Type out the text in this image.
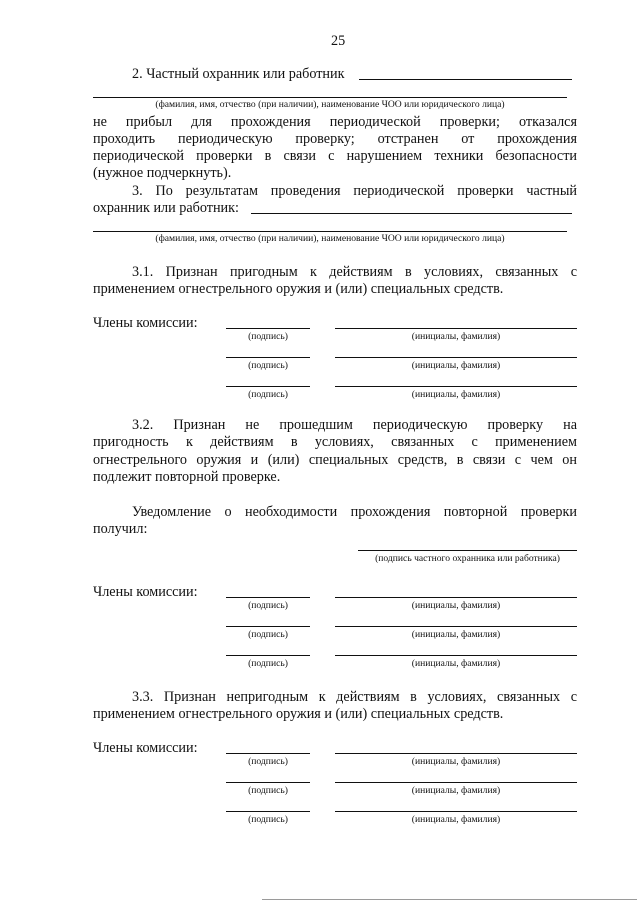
25
2. Частный охранник или работник
(фамилия, имя, отчество (при наличии), наименование ЧОО или юридического лица)
не прибыл для прохождения периодической проверки; отказался
проходить периодическую проверку; отстранен от прохождения
периодической проверки в связи с нарушением техники безопасности
(нужное подчеркнуть).
3. По результатам проведения периодической проверки частный
охранник или работник:
(фамилия, имя, отчество (при наличии), наименование ЧОО или юридического лица)
3.1. Признан пригодным к действиям в условиях, связанных с
применением огнестрельного оружия и (или) специальных средств.
Члены комиссии:
(подпись)	(инициалы, фамилия)
(подпись)	(инициалы, фамилия)
(подпись)	(инициалы, фамилия)
3.2. Признан не прошедшим периодическую проверку на
пригодность к действиям в условиях, связанных с применением
огнестрельного оружия и (или) специальных средств, в связи с чем он
подлежит повторной проверке.
Уведомление о необходимости прохождения повторной проверки
получил:
(подпись частного охранника или работника)
Члены комиссии:
(подпись)	(инициалы, фамилия)
(подпись)	(инициалы, фамилия)
(подпись)	(инициалы, фамилия)
3.3. Признан непригодным к действиям в условиях, связанных с
применением огнестрельного оружия и (или) специальных средств.
Члены комиссии:
(подпись)	(инициалы, фамилия)
(подпись)	(инициалы, фамилия)
(подпись)	(инициалы, фамилия)
